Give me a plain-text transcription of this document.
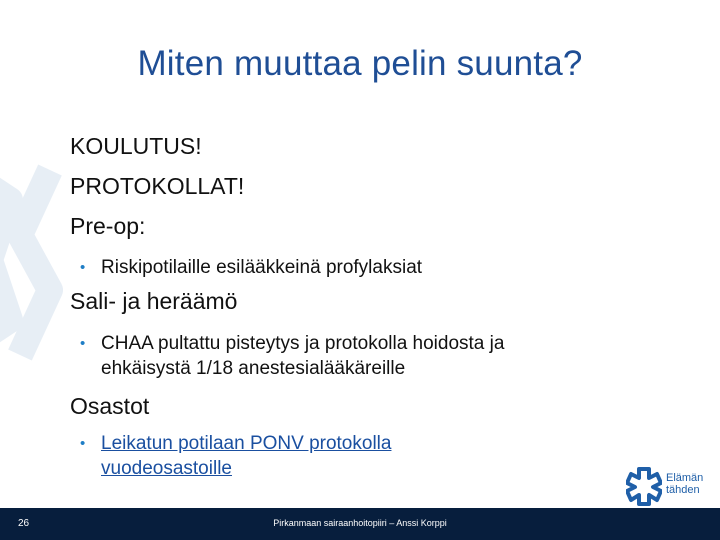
Miten muuttaa pelin suunta?
KOULUTUS!
PROTOKOLLAT!
Pre-op:
• Riskipotilaille esilääkkeinä profylaksiat
Sali- ja heräämö
• CHAA pultattu pisteytys ja protokolla hoidosta ja
ehkäisystä 1/18 anestesialääkäreille
Osastot
• Leikatun potilaan PONV protokolla
vuodeosastoille	Elämän
tähden
26	Pirkanmaan sairaanhoitopiiri – Anssi Korppi
